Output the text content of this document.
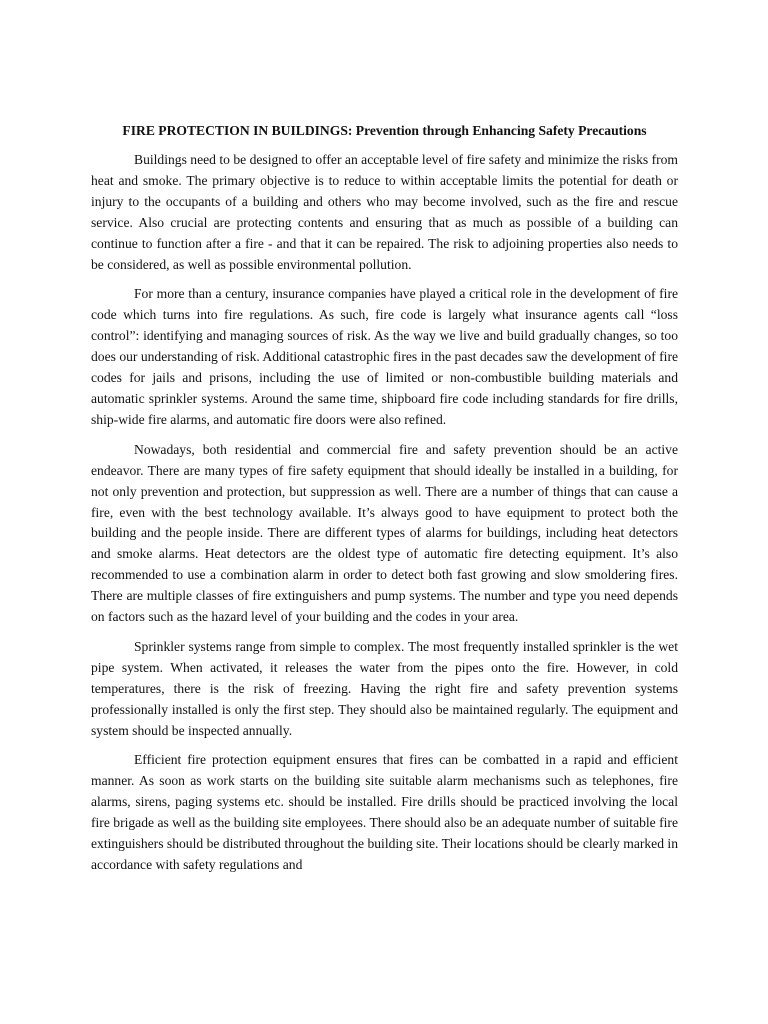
FIRE PROTECTION IN BUILDINGS: Prevention through Enhancing Safety Precautions

Buildings need to be designed to offer an acceptable level of fire safety and minimize the risks from heat and smoke. The primary objective is to reduce to within acceptable limits the potential for death or injury to the occupants of a building and others who may become involved, such as the fire and rescue service. Also crucial are protecting contents and ensuring that as much as possible of a building can continue to function after a fire - and that it can be repaired. The risk to adjoining properties also needs to be considered, as well as possible environmental pollution.

For more than a century, insurance companies have played a critical role in the development of fire code which turns into fire regulations. As such, fire code is largely what insurance agents call “loss control”: identifying and managing sources of risk. As the way we live and build gradually changes, so too does our understanding of risk. Additional catastrophic fires in the past decades saw the development of fire codes for jails and prisons, including the use of limited or non-combustible building materials and automatic sprinkler systems. Around the same time, shipboard fire code including standards for fire drills, ship-wide fire alarms, and automatic fire doors were also refined.

Nowadays, both residential and commercial fire and safety prevention should be an active endeavor. There are many types of fire safety equipment that should ideally be installed in a building, for not only prevention and protection, but suppression as well. There are a number of things that can cause a fire, even with the best technology available. It’s always good to have equipment to protect both the building and the people inside. There are different types of alarms for buildings, including heat detectors and smoke alarms. Heat detectors are the oldest type of automatic fire detecting equipment. It’s also recommended to use a combination alarm in order to detect both fast growing and slow smoldering fires. There are multiple classes of fire extinguishers and pump systems. The number and type you need depends on factors such as the hazard level of your building and the codes in your area.

Sprinkler systems range from simple to complex. The most frequently installed sprinkler is the wet pipe system. When activated, it releases the water from the pipes onto the fire. However, in cold temperatures, there is the risk of freezing. Having the right fire and safety prevention systems professionally installed is only the first step. They should also be maintained regularly. The equipment and system should be inspected annually.

Efficient fire protection equipment ensures that fires can be combatted in a rapid and efficient manner. As soon as work starts on the building site suitable alarm mechanisms such as telephones, fire alarms, sirens, paging systems etc. should be installed. Fire drills should be practiced involving the local fire brigade as well as the building site employees. There should also be an adequate number of suitable fire extinguishers should be distributed throughout the building site. Their locations should be clearly marked in accordance with safety regulations and
